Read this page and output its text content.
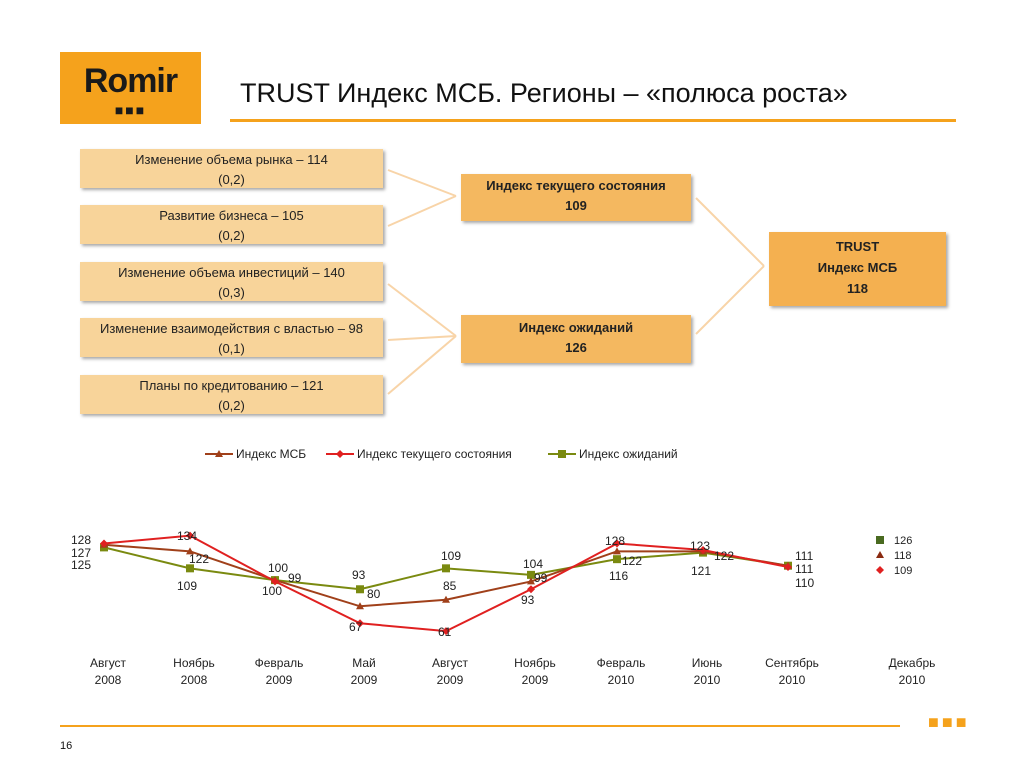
Romir
■■■
TRUST Индекс МСБ. Регионы – «полюса роста»
Изменение объема рынка – 114
(0,2)
Развитие бизнеса – 105
(0,2)
Изменение объема инвестиций – 140
(0,3)
Изменение взаимодействия с властью – 98
(0,1)
Планы по кредитованию – 121
(0,2)
Индекс текущего состояния
109
Индекс ожиданий
126
TRUST
Индекс МСБ
118
Индекс МСБ	Индекс текущего состояния	Индекс ожиданий
128
127
125
134
122
109
100
99
100
93
80
67
109
85
61
104
99
93
128
122
116
123
122
121
111
111
110
126
118
109
Август
2008
Ноябрь
2008
Февраль
2009
Май
2009
Август
2009
Ноябрь
2009
Февраль
2010
Июнь
2010
Сентябрь
2010
Декабрь
2010
■■■
16
